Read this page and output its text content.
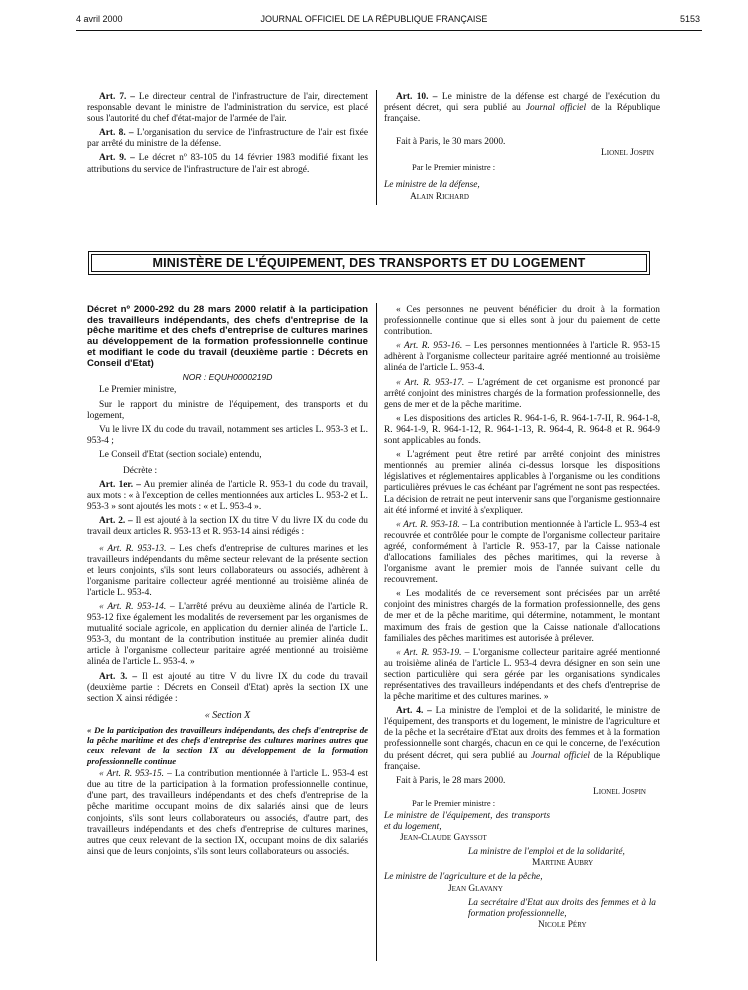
4 avril 2000	JOURNAL OFFICIEL DE LA RÉPUBLIQUE FRANÇAISE	5153

Art. 7. – Le directeur central de l'infrastructure de l'air, directement responsable devant le ministre de l'administration du service, est placé sous l'autorité du chef d'état-major de l'armée de l'air.

Art. 8. – L'organisation du service de l'infrastructure de l'air est fixée par arrêté du ministre de la défense.

Art. 9. – Le décret nº 83-105 du 14 février 1983 modifié fixant les attributions du service de l'infrastructure de l'air est abrogé.

Art. 10. – Le ministre de la défense est chargé de l'exécution du présent décret, qui sera publié au Journal officiel de la République française.

Fait à Paris, le 30 mars 2000.

Lionel Jospin

Par le Premier ministre :

Le ministre de la défense,

Alain Richard

MINISTÈRE DE L'ÉQUIPEMENT, DES TRANSPORTS ET DU LOGEMENT

Décret nº 2000-292 du 28 mars 2000 relatif à la participation des travailleurs indépendants, des chefs d'entreprise de la pêche maritime et des chefs d'entreprise de cultures marines au développement de la formation professionnelle continue et modifiant le code du travail (deuxième partie : Décrets en Conseil d'Etat)

NOR : EQUH0000219D

Le Premier ministre,

Sur le rapport du ministre de l'équipement, des transports et du logement,

Vu le livre IX du code du travail, notamment ses articles L. 953-3 et L. 953-4 ;

Le Conseil d'Etat (section sociale) entendu,

Décrète :

Art. 1er. – Au premier alinéa de l'article R. 953-1 du code du travail, aux mots : « à l'exception de celles mentionnées aux articles L. 953-2 et L. 953-3 » sont ajoutés les mots : « et L. 953-4 ».

Art. 2. – Il est ajouté à la section IX du titre V du livre IX du code du travail deux articles R. 953-13 et R. 953-14 ainsi rédigés :

« Art. R. 953-13. – Les chefs d'entreprise de cultures marines et les travailleurs indépendants du même secteur relevant de la présente section et leurs conjoints, s'ils sont leurs collaborateurs ou associés, adhèrent à l'organisme paritaire collecteur agréé mentionné au troisième alinéa de l'article L. 953-4.

« Art. R. 953-14. – L'arrêté prévu au deuxième alinéa de l'article R. 953-12 fixe également les modalités de reversement par les organismes de mutualité sociale agricole, en application du dernier alinéa de l'article L. 953-3, du montant de la contribution instituée au premier alinéa dudit article à l'organisme collecteur paritaire agréé mentionné au troisième alinéa de l'article L. 953-4. »

Art. 3. – Il est ajouté au titre V du livre IX du code du travail (deuxième partie : Décrets en Conseil d'Etat) après la section IX une section X ainsi rédigée :

« Section X

« De la participation des travailleurs indépendants, des chefs d'entreprise de la pêche maritime et des chefs d'entreprise des cultures marines autres que ceux relevant de la section IX au développement de la formation professionnelle continue

« Art. R. 953-15. – La contribution mentionnée à l'article L. 953-4 est due au titre de la participation à la formation professionnelle continue, d'une part, des travailleurs indépendants et des chefs d'entreprise de la pêche maritime occupant moins de dix salariés ainsi que de leurs conjoints, s'ils sont leurs collaborateurs ou associés, d'autre part, des travailleurs indépendants et des chefs d'entreprise de cultures marines, autres que ceux relevant de la section IX, occupant moins de dix salariés ainsi que de leurs conjoints, s'ils sont leurs collaborateurs ou associés.

« Ces personnes ne peuvent bénéficier du droit à la formation professionnelle continue que si elles sont à jour du paiement de cette contribution.

« Art. R. 953-16. – Les personnes mentionnées à l'article R. 953-15 adhèrent à l'organisme collecteur paritaire agréé mentionné au troisième alinéa de l'article L. 953-4.

« Art. R. 953-17. – L'agrément de cet organisme est prononcé par arrêté conjoint des ministres chargés de la formation professionnelle, des gens de mer et de la pêche maritime.

« Les dispositions des articles R. 964-1-6, R. 964-1-7-II, R. 964-1-8, R. 964-1-9, R. 964-1-12, R. 964-1-13, R. 964-4, R. 964-8 et R. 964-9 sont applicables au fonds.

« L'agrément peut être retiré par arrêté conjoint des ministres mentionnés au premier alinéa ci-dessus lorsque les dispositions législatives et réglementaires applicables à l'organisme ou les conditions particulières prévues le cas échéant par l'agrément ne sont pas respectées. La décision de retrait ne peut intervenir sans que l'organisme gestionnaire ait été informé et invité à s'expliquer.

« Art. R. 953-18. – La contribution mentionnée à l'article L. 953-4 est recouvrée et contrôlée pour le compte de l'organisme collecteur paritaire agréé, conformément à l'article R. 953-17, par la Caisse nationale d'allocations familiales des pêches maritimes, qui la reverse à l'organisme avant le premier mois de l'année suivant celle du recouvrement.

« Les modalités de ce reversement sont précisées par un arrêté conjoint des ministres chargés de la formation professionnelle, des gens de mer et de la pêche maritime, qui détermine, notamment, le montant maximum des frais de gestion que la Caisse nationale d'allocations familiales des pêches maritimes est autorisée à prélever.

« Art. R. 953-19. – L'organisme collecteur paritaire agréé mentionné au troisième alinéa de l'article L. 953-4 devra désigner en son sein une section particulière qui sera gérée par les organisations syndicales représentatives des travailleurs indépendants et des chefs d'entreprise de la pêche maritime et des cultures marines. »

Art. 4. – La ministre de l'emploi et de la solidarité, le ministre de l'équipement, des transports et du logement, le ministre de l'agriculture et de la pêche et la secrétaire d'Etat aux droits des femmes et à la formation professionnelle sont chargés, chacun en ce qui le concerne, de l'exécution du présent décret, qui sera publié au Journal officiel de la République française.

Fait à Paris, le 28 mars 2000.

Lionel Jospin

Par le Premier ministre :

Le ministre de l'équipement, des transports et du logement,

Jean-Claude Gayssot

La ministre de l'emploi et de la solidarité,

Martine Aubry

Le ministre de l'agriculture et de la pêche,

Jean Glavany

La secrétaire d'Etat aux droits des femmes et à la formation professionnelle,

Nicole Péry
